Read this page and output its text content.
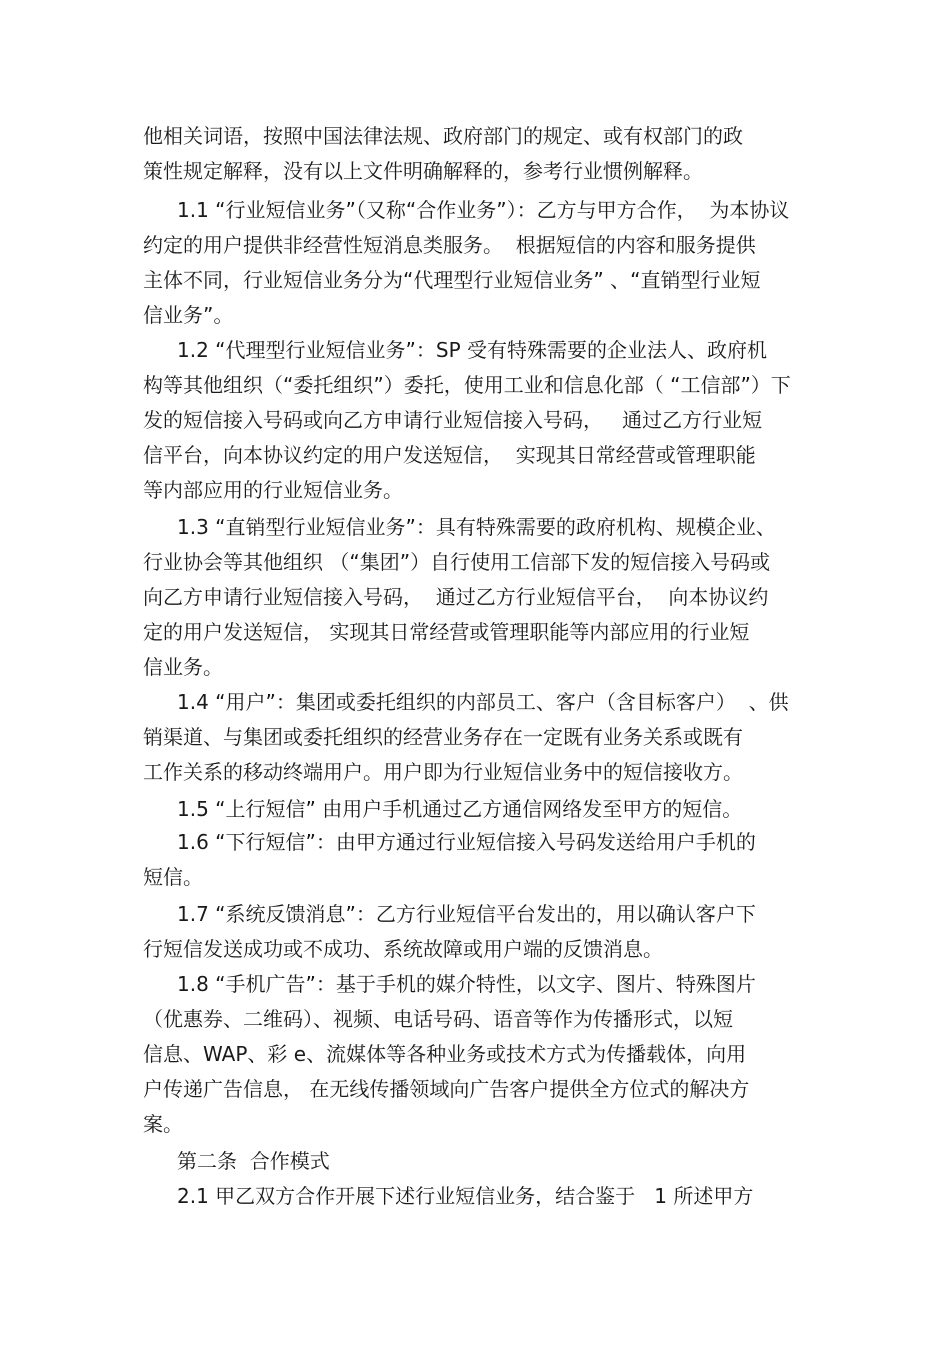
他相关词语，按照中国法律法规、政府部门的规定、或有权部门的政
策性规定解释，没有以上文件明确解释的，参考行业惯例解释。
1.1 “行业短信业务”（又称“合作业务”）：乙方与甲方合作，  为本协议
约定的用户提供非经营性短消息类服务。  根据短信的内容和服务提供
主体不同，行业短信业务分为“代理型行业短信业务” 、“直销型行业短
信业务”。
1.2 “代理型行业短信业务”：SP 受有特殊需要的企业法人、政府机
构等其他组织（“委托组织”）委托，使用工业和信息化部（ “工信部”）下
发的短信接入号码或向乙方申请行业短信接入号码，   通过乙方行业短
信平台，向本协议约定的用户发送短信，  实现其日常经营或管理职能
等内部应用的行业短信业务。
1.3 “直销型行业短信业务”：具有特殊需要的政府机构、规模企业、
行业协会等其他组织 （“集团”）自行使用工信部下发的短信接入号码或
向乙方申请行业短信接入号码，  通过乙方行业短信平台，  向本协议约
定的用户发送短信， 实现其日常经营或管理职能等内部应用的行业短
信业务。
1.4 “用户”：集团或委托组织的内部员工、客户（含目标客户）  、供
销渠道、与集团或委托组织的经营业务存在一定既有业务关系或既有
工作关系的移动终端用户。用户即为行业短信业务中的短信接收方。
1.5 “上行短信” 由用户手机通过乙方通信网络发至甲方的短信。
1.6 “下行短信”：由甲方通过行业短信接入号码发送给用户手机的
短信。
1.7 “系统反馈消息”：乙方行业短信平台发出的，用以确认客户下
行短信发送成功或不成功、系统故障或用户端的反馈消息。
1.8 “手机广告”：基于手机的媒介特性，以文字、图片、特殊图片
（优惠券、二维码）、视频、电话号码、语音等作为传播形式，以短
信息、WAP、彩 e、流媒体等各种业务或技术方式为传播载体，向用
户传递广告信息， 在无线传播领域向广告客户提供全方位式的解决方
案。
第二条  合作模式
2.1 甲乙双方合作开展下述行业短信业务，结合鉴于   1 所述甲方
